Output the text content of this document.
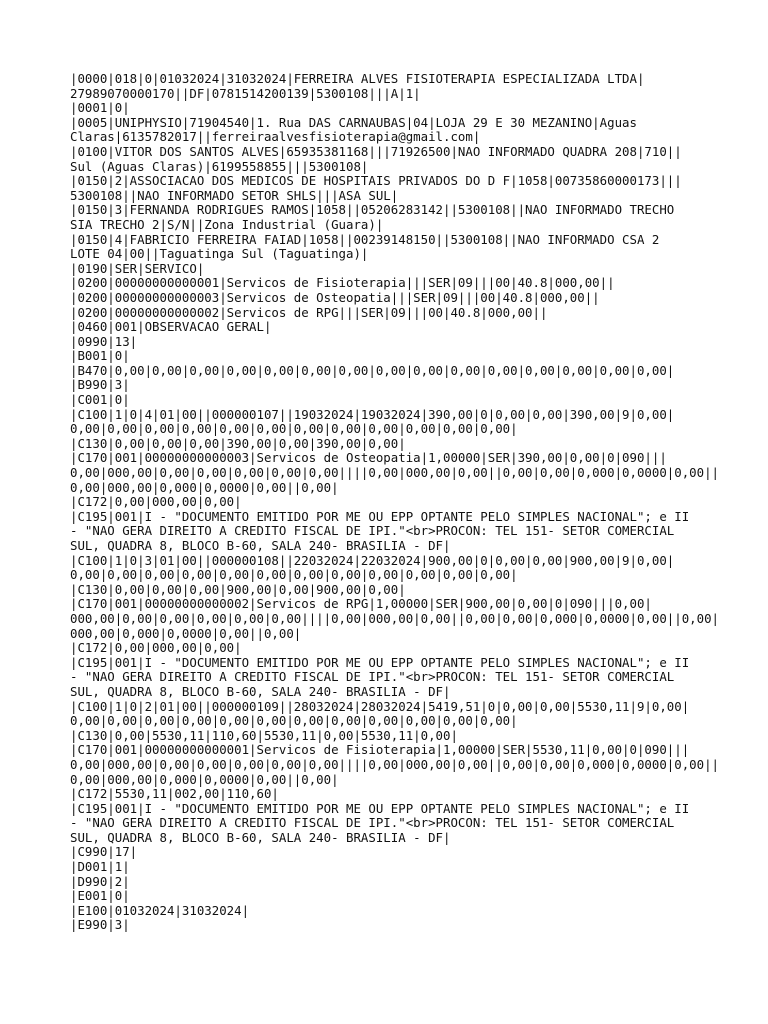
|0000|018|0|01032024|31032024|FERREIRA ALVES FISIOTERAPIA ESPECIALIZADA LTDA|
27989070000170||DF|0781514200139|5300108|||A|1|
|0001|0|
|0005|UNIPHYSIO|71904540|1. Rua DAS CARNAUBAS|04|LOJA 29 E 30 MEZANINO|Aguas
Claras|6135782017||ferreiraalvesfisioterapia@gmail.com|
|0100|VITOR DOS SANTOS ALVES|65935381168|||71926500|NAO INFORMADO QUADRA 208|710||
Sul (Aguas Claras)|6199558855|||5300108|
|0150|2|ASSOCIACAO DOS MEDICOS DE HOSPITAIS PRIVADOS DO D F|1058|00735860000173|||
5300108||NAO INFORMADO SETOR SHLS|||ASA SUL|
|0150|3|FERNANDA RODRIGUES RAMOS|1058||05206283142||5300108||NAO INFORMADO TRECHO
SIA TRECHO 2|S/N||Zona Industrial (Guara)|
|0150|4|FABRICIO FERREIRA FAIAD|1058||00239148150||5300108||NAO INFORMADO CSA 2
LOTE 04|00||Taguatinga Sul (Taguatinga)|
|0190|SER|SERVICO|
|0200|00000000000001|Servicos de Fisioterapia|||SER|09|||00|40.8|000,00||
|0200|00000000000003|Servicos de Osteopatia|||SER|09|||00|40.8|000,00||
|0200|00000000000002|Servicos de RPG|||SER|09|||00|40.8|000,00||
|0460|001|OBSERVACAO GERAL|
|0990|13|
|B001|0|
|B470|0,00|0,00|0,00|0,00|0,00|0,00|0,00|0,00|0,00|0,00|0,00|0,00|0,00|0,00|0,00|
|B990|3|
|C001|0|
|C100|1|0|4|01|00||000000107||19032024|19032024|390,00|0|0,00|0,00|390,00|9|0,00|
0,00|0,00|0,00|0,00|0,00|0,00|0,00|0,00|0,00|0,00|0,00|0,00|
|C130|0,00|0,00|0,00|390,00|0,00|390,00|0,00|
|C170|001|00000000000003|Servicos de Osteopatia|1,00000|SER|390,00|0,00|0|090|||
0,00|000,00|0,00|0,00|0,00|0,00|0,00||||0,00|000,00|0,00||0,00|0,00|0,000|0,0000|0,00||
0,00|000,00|0,000|0,0000|0,00||0,00|
|C172|0,00|000,00|0,00|
|C195|001|I - "DOCUMENTO EMITIDO POR ME OU EPP OPTANTE PELO SIMPLES NACIONAL"; e II
- "NAO GERA DIREITO A CREDITO FISCAL DE IPI."<br>PROCON: TEL 151- SETOR COMERCIAL
SUL, QUADRA 8, BLOCO B-60, SALA 240- BRASILIA - DF|
|C100|1|0|3|01|00||000000108||22032024|22032024|900,00|0|0,00|0,00|900,00|9|0,00|
0,00|0,00|0,00|0,00|0,00|0,00|0,00|0,00|0,00|0,00|0,00|0,00|
|C130|0,00|0,00|0,00|900,00|0,00|900,00|0,00|
|C170|001|00000000000002|Servicos de RPG|1,00000|SER|900,00|0,00|0|090|||0,00|
000,00|0,00|0,00|0,00|0,00|0,00||||0,00|000,00|0,00||0,00|0,00|0,000|0,0000|0,00||0,00|
000,00|0,000|0,0000|0,00||0,00|
|C172|0,00|000,00|0,00|
|C195|001|I - "DOCUMENTO EMITIDO POR ME OU EPP OPTANTE PELO SIMPLES NACIONAL"; e II
- "NAO GERA DIREITO A CREDITO FISCAL DE IPI."<br>PROCON: TEL 151- SETOR COMERCIAL
SUL, QUADRA 8, BLOCO B-60, SALA 240- BRASILIA - DF|
|C100|1|0|2|01|00||000000109||28032024|28032024|5419,51|0|0,00|0,00|5530,11|9|0,00|
0,00|0,00|0,00|0,00|0,00|0,00|0,00|0,00|0,00|0,00|0,00|0,00|
|C130|0,00|5530,11|110,60|5530,11|0,00|5530,11|0,00|
|C170|001|00000000000001|Servicos de Fisioterapia|1,00000|SER|5530,11|0,00|0|090|||
0,00|000,00|0,00|0,00|0,00|0,00|0,00||||0,00|000,00|0,00||0,00|0,00|0,000|0,0000|0,00||
0,00|000,00|0,000|0,0000|0,00||0,00|
|C172|5530,11|002,00|110,60|
|C195|001|I - "DOCUMENTO EMITIDO POR ME OU EPP OPTANTE PELO SIMPLES NACIONAL"; e II
- "NAO GERA DIREITO A CREDITO FISCAL DE IPI."<br>PROCON: TEL 151- SETOR COMERCIAL
SUL, QUADRA 8, BLOCO B-60, SALA 240- BRASILIA - DF|
|C990|17|
|D001|1|
|D990|2|
|E001|0|
|E100|01032024|31032024|
|E990|3|
